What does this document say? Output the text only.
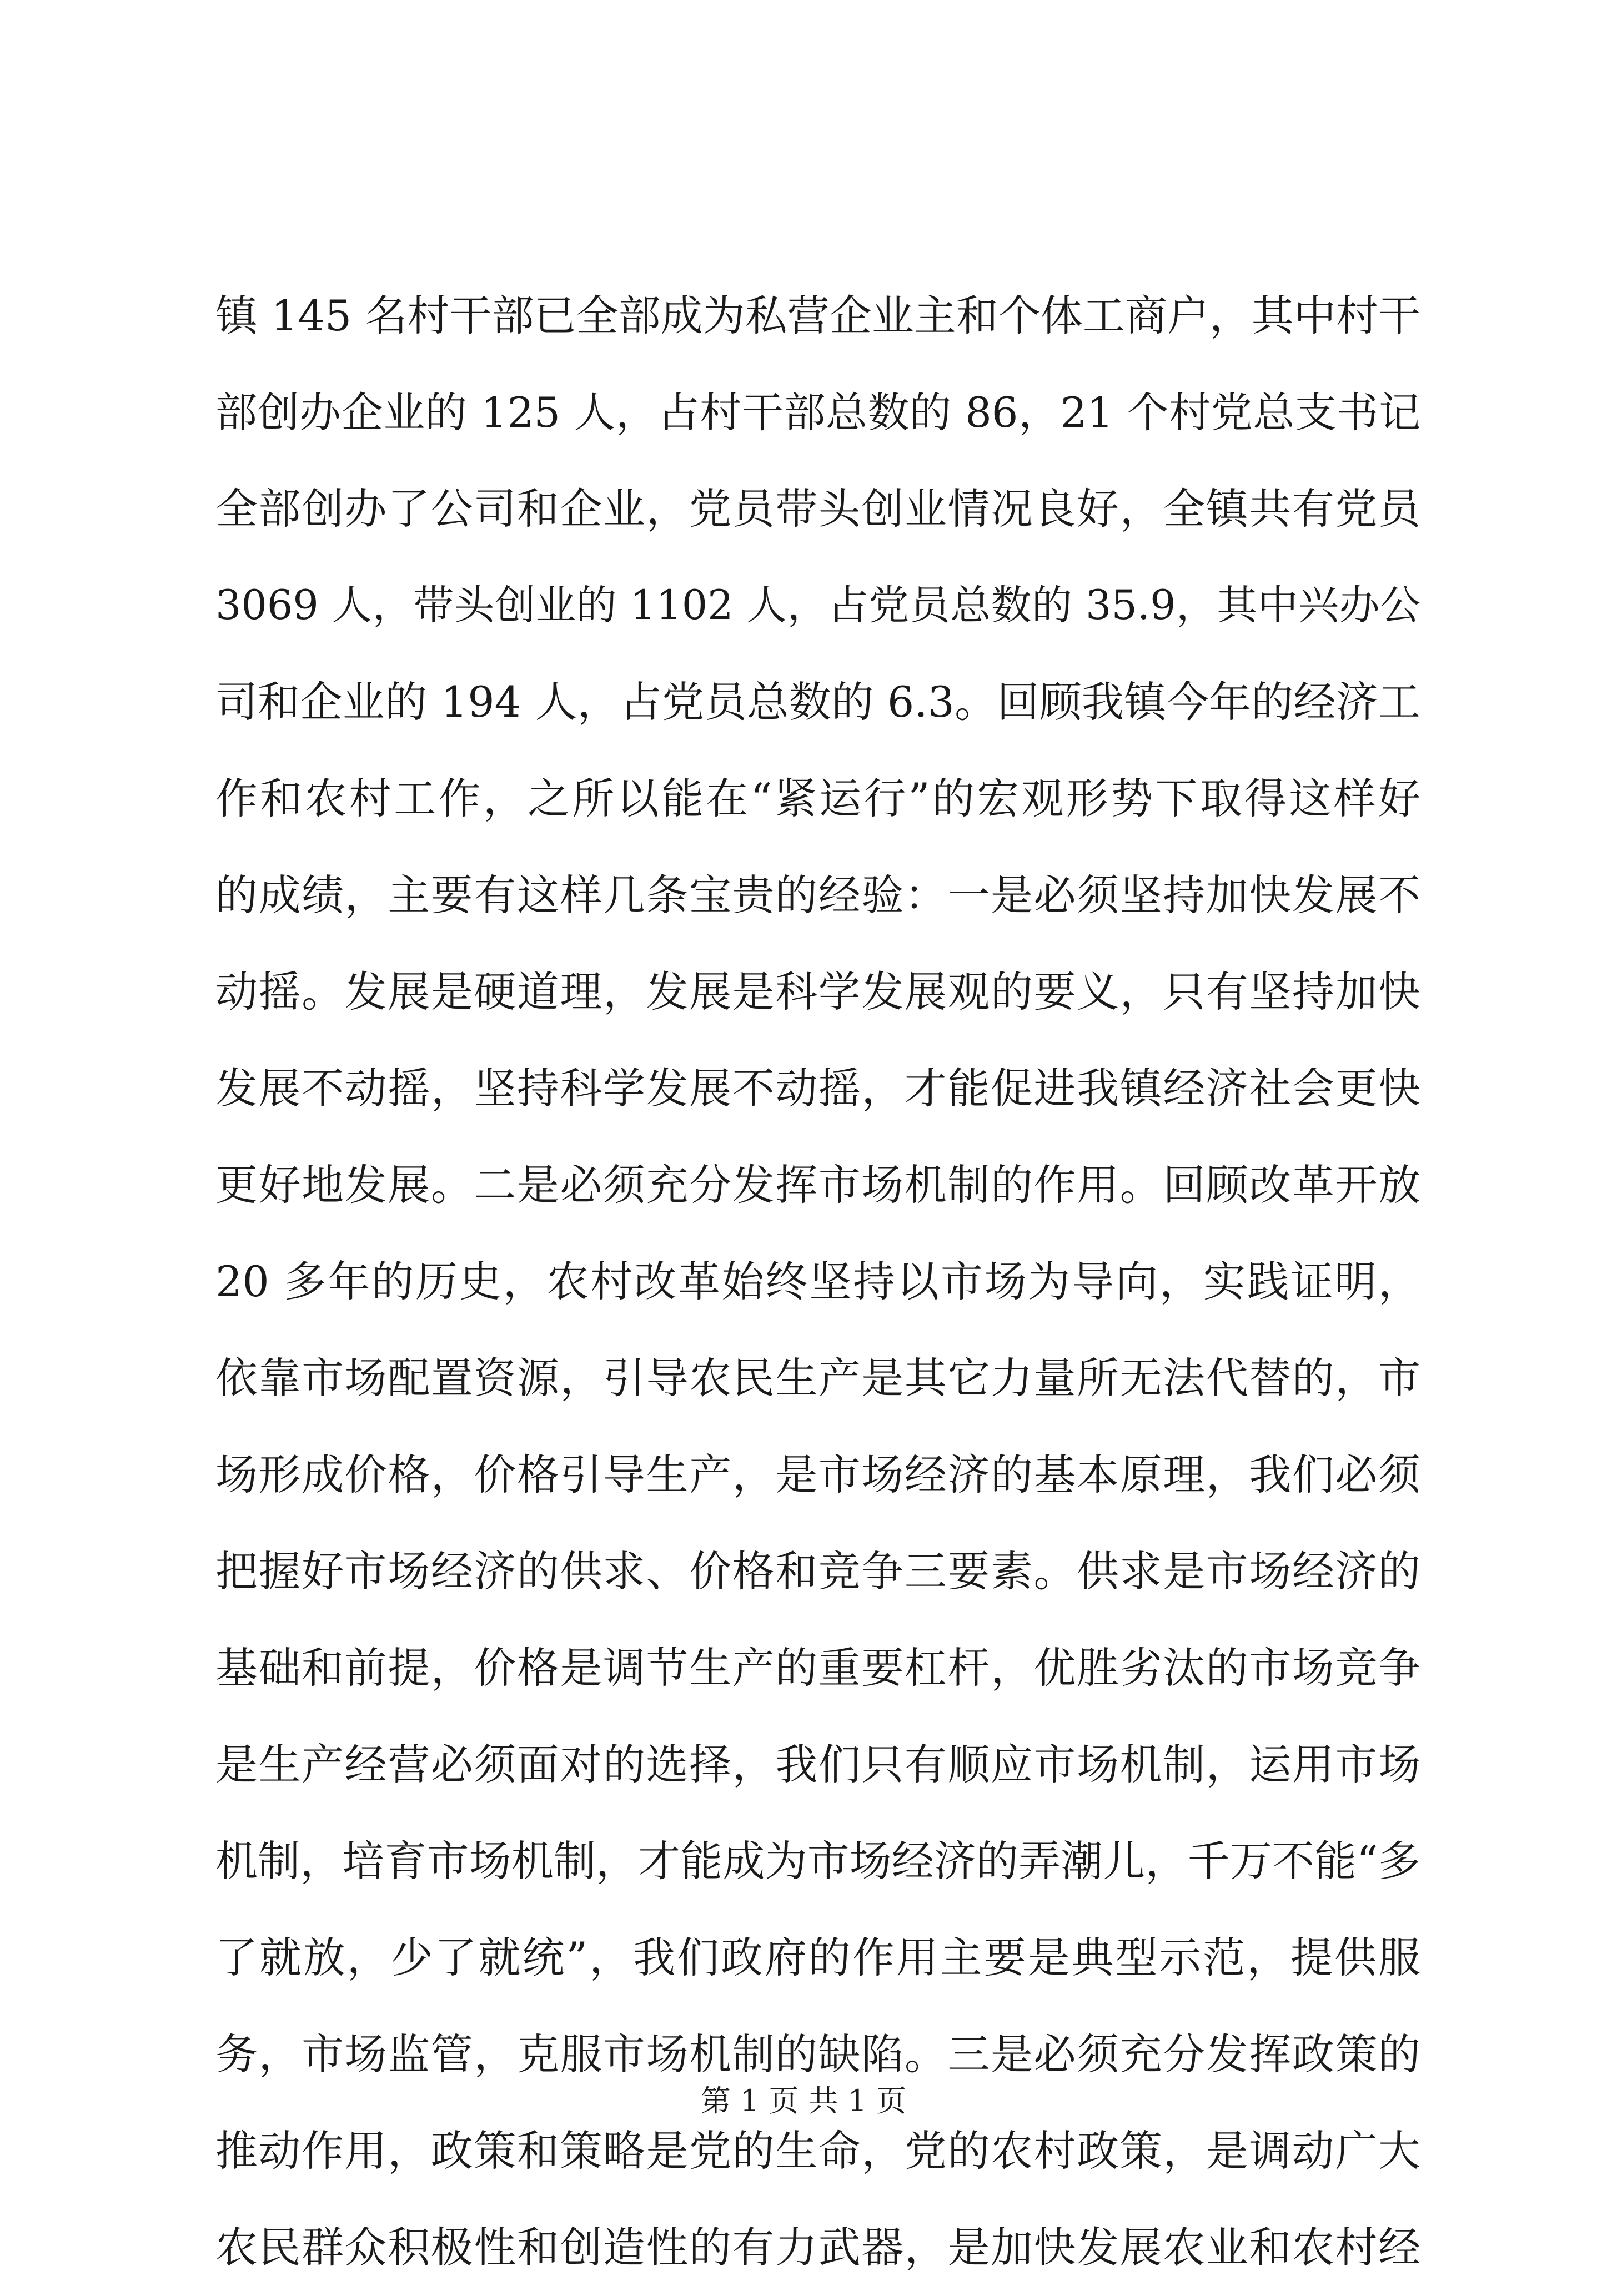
镇 145 名村干部已全部成为私营企业主和个体工商户，其中村干
部创办企业的 125 人，占村干部总数的 86，21 个村党总支书记
全部创办了公司和企业，党员带头创业情况良好，全镇共有党员
3069 人，带头创业的 1102 人，占党员总数的 35.9，其中兴办公
司和企业的 194 人，占党员总数的 6.3。回顾我镇今年的经济工
作和农村工作，之所以能在“紧运行”的宏观形势下取得这样好
的成绩，主要有这样几条宝贵的经验：一是必须坚持加快发展不
动摇。发展是硬道理，发展是科学发展观的要义，只有坚持加快
发展不动摇，坚持科学发展不动摇，才能促进我镇经济社会更快
更好地发展。二是必须充分发挥市场机制的作用。回顾改革开放
20 多年的历史，农村改革始终坚持以市场为导向，实践证明，
依靠市场配置资源，引导农民生产是其它力量所无法代替的，市
场形成价格，价格引导生产，是市场经济的基本原理，我们必须
把握好市场经济的供求、价格和竞争三要素。供求是市场经济的
基础和前提，价格是调节生产的重要杠杆，优胜劣汰的市场竞争
是生产经营必须面对的选择，我们只有顺应市场机制，运用市场
机制，培育市场机制，才能成为市场经济的弄潮儿，千万不能“多
了就放，少了就统”，我们政府的作用主要是典型示范，提供服
务，市场监管，克服市场机制的缺陷。三是必须充分发挥政策的
推动作用，政策和策略是党的生命，党的农村政策，是调动广大
农民群众积极性和创造性的有力武器，是加快发展农业和农村经
第 1 页 共 1 页
